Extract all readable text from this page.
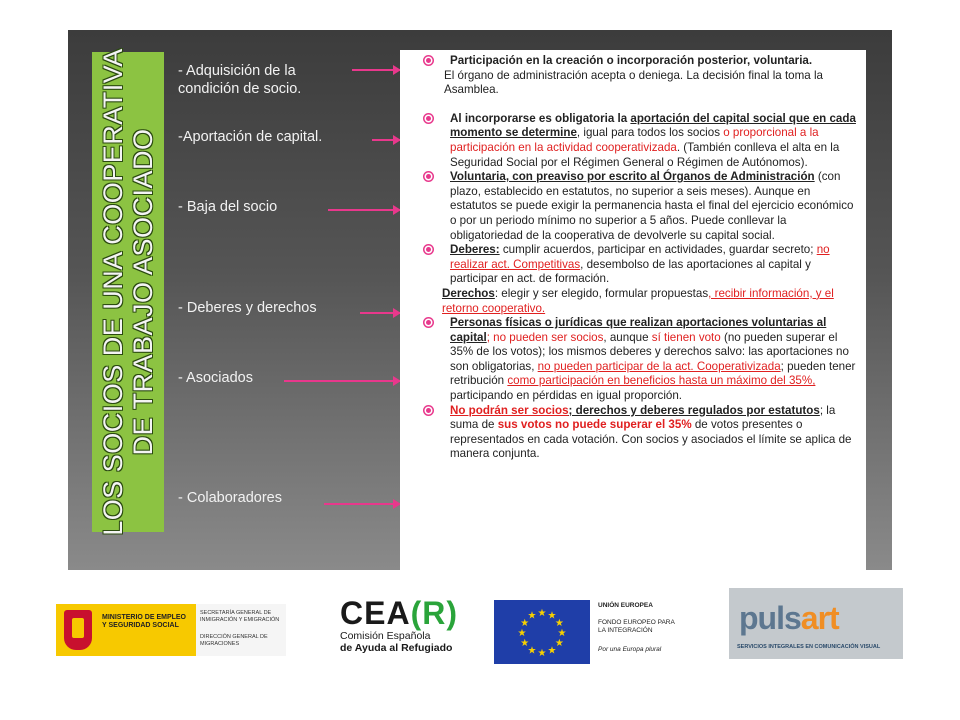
LOS SOCIOS DE UNA COOPERATIVA DE TRABAJO ASOCIADO
- Adquisición de la condición de socio.
-Aportación de capital.
- Baja del socio
- Deberes y derechos
- Asociados
- Colaboradores
Participación en la creación o incorporación posterior, voluntaria.
El órgano de administración acepta o deniega. La decisión final la toma la Asamblea.
Al incorporarse es obligatoria la aportación del capital social que en cada momento se determine, igual para todos los socios o proporcional a la participación en la actividad cooperativizada. (También conlleva el alta en la Seguridad Social por el Régimen General o Régimen de Autónomos).
Voluntaria, con preaviso por escrito al Órganos de Administración (con plazo, establecido en estatutos, no superior a seis meses). Aunque en estatutos se puede exigir la permanencia hasta el final del ejercicio económico o por un periodo mínimo no superior a 5 años. Puede conllevar la obligatoriedad de la cooperativa de devolverle su capital social.
Deberes: cumplir acuerdos, participar en actividades, guardar secreto; no realizar act. Competitivas, desembolso de las aportaciones al capital y participar en act. de formación.
Derechos: elegir y ser elegido, formular propuestas, recibir información, y el retorno cooperativo.
Personas físicas o jurídicas que realizan aportaciones voluntarias al capital; no pueden ser socios, aunque sí tienen voto (no pueden superar el 35% de los votos); los mismos deberes y derechos salvo: las aportaciones no son obligatorias, no pueden participar de la act. Cooperativizada; pueden tener retribución como participación en beneficios hasta un máximo del 35%, participando en pérdidas en igual proporción.
No podrán ser socios; derechos y deberes regulados por estatutos; la suma de sus votos no puede superar el 35% de votos presentes o representados en cada votación. Con socios y asociados el límite se aplica de manera conjunta.
MINISTERIO DE EMPLEO Y SEGURIDAD SOCIAL
SECRETARÍA GENERAL DE INMIGRACIÓN Y EMIGRACIÓN
DIRECCIÓN GENERAL DE MIGRACIONES
CEA(R)
Comisión Española
de Ayuda al Refugiado
★ ★
★
★
★
★
★
★
★
★
★
★
UNIÓN EUROPEA
FONDO EUROPEO PARA LA INTEGRACIÓN
Por una Europa plural
pulsart
SERVICIOS INTEGRALES EN COMUNICACIÓN VISUAL
